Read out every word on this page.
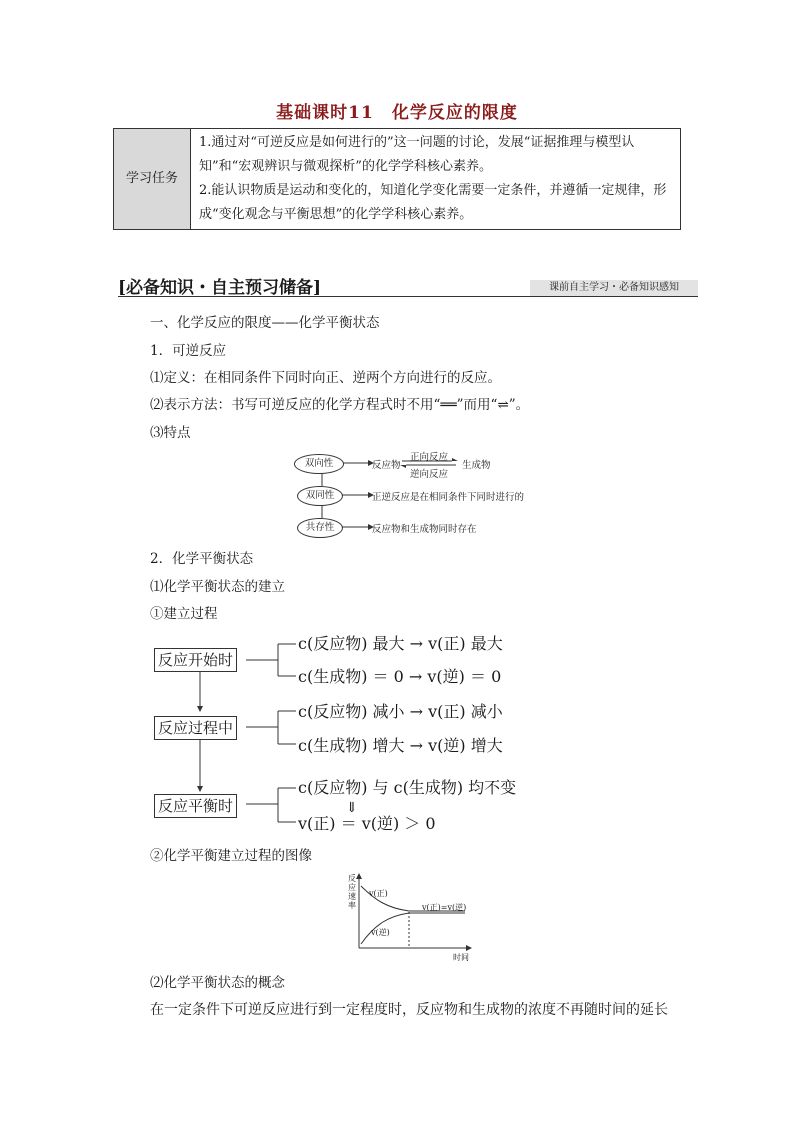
基础课时11　化学反应的限度
学习任务	
1.通过对“可逆反应是如何进行的”这一问题的讨论，发展“证据推理与模型认知”和“宏观辨识与微观探析”的化学学科核心素养。
2.能认识物质是运动和变化的，知道化学变化需要一定条件，并遵循一定规律，形成“变化观念与平衡思想”的化学学科核心素养。
[必备知识・自主预习储备]	课前自主学习・必备知识感知
一、化学反应的限度——化学平衡状态
1．可逆反应
⑴定义：在相同条件下同时向正、逆两个方向进行的反应。
⑵表示方法：书写可逆反应的化学方程式时不用“══”而用“⇌”。
⑶特点
双向性
双同性
共存性
反应物
正向反应
逆向反应
生成物
正逆反应是在相同条件下同时进行的
反应物和生成物同时存在
2．化学平衡状态
⑴化学平衡状态的建立
①建立过程
反应开始时
反应过程中
反应平衡时
c(反应物) 最大 → v(正) 最大
c(生成物) ＝ 0 → v(逆) ＝ 0
c(反应物) 减小 → v(正) 减小
c(生成物) 增大 → v(逆) 增大
c(反应物) 与 c(生成物) 均不变
⇓
v(正) ＝ v(逆) ＞ 0
②化学平衡建立过程的图像
反应速率
时间
v(正)
v(逆)
v(正)=v(逆)
⑵化学平衡状态的概念
在一定条件下可逆反应进行到一定程度时，反应物和生成物的浓度不再随时间的延长
